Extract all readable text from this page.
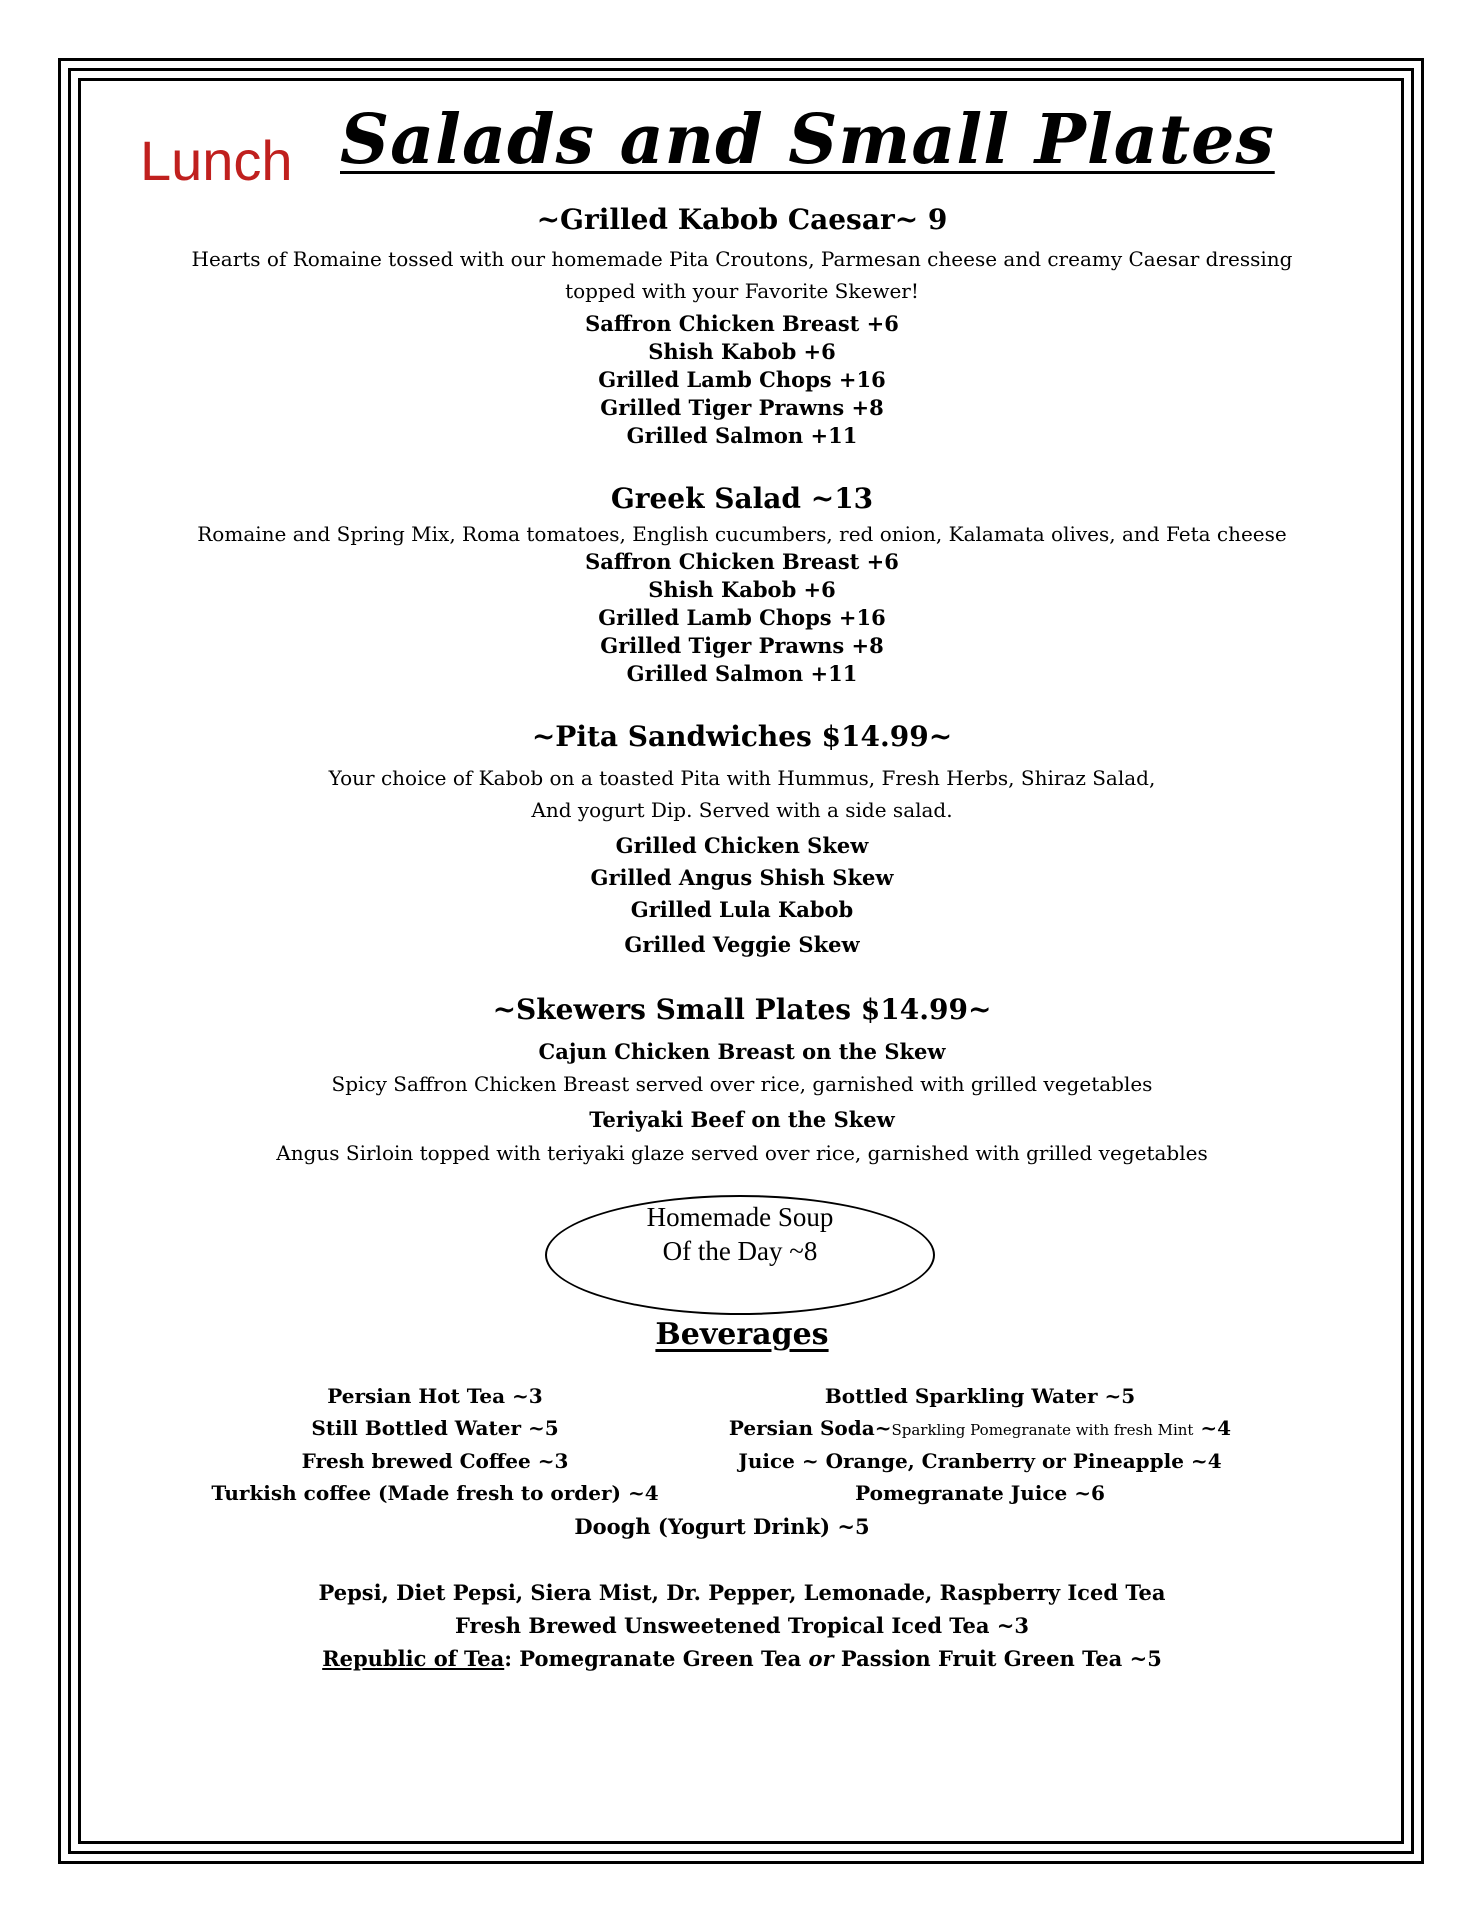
Lunch Salads and Small Plates
~Grilled Kabob Caesar~ 9
Hearts of Romaine tossed with our homemade Pita Croutons, Parmesan cheese and creamy Caesar dressing
topped with your Favorite Skewer!
Saffron Chicken Breast +6
Shish Kabob +6
Grilled Lamb Chops +16
Grilled Tiger Prawns +8
Grilled Salmon +11
Greek Salad ~13
Romaine and Spring Mix, Roma tomatoes, English cucumbers, red onion, Kalamata olives, and Feta cheese
Saffron Chicken Breast +6
Shish Kabob +6
Grilled Lamb Chops +16
Grilled Tiger Prawns +8
Grilled Salmon +11
~Pita Sandwiches $14.99~
Your choice of Kabob on a toasted Pita with Hummus, Fresh Herbs, Shiraz Salad,
And yogurt Dip. Served with a side salad.
Grilled Chicken Skew
Grilled Angus Shish Skew
Grilled Lula Kabob
Grilled Veggie Skew
~Skewers Small Plates $14.99~
Cajun Chicken Breast on the Skew
Spicy Saffron Chicken Breast served over rice, garnished with grilled vegetables
Teriyaki Beef on the Skew
Angus Sirloin topped with teriyaki glaze served over rice, garnished with grilled vegetables
Homemade Soup
Of the Day ~8
Beverages
Persian Hot Tea ~3
Still Bottled Water ~5
Fresh brewed Coffee ~3
Turkish coffee (Made fresh to order) ~4
Bottled Sparkling Water ~5
Persian Soda~Sparkling Pomegranate with fresh Mint ~4
Juice ~ Orange, Cranberry or Pineapple ~4
Pomegranate Juice ~6
Doogh (Yogurt Drink) ~5
Pepsi, Diet Pepsi, Siera Mist, Dr. Pepper, Lemonade, Raspberry Iced Tea
Fresh Brewed Unsweetened Tropical Iced Tea ~3
Republic of Tea: Pomegranate Green Tea or Passion Fruit Green Tea ~5
